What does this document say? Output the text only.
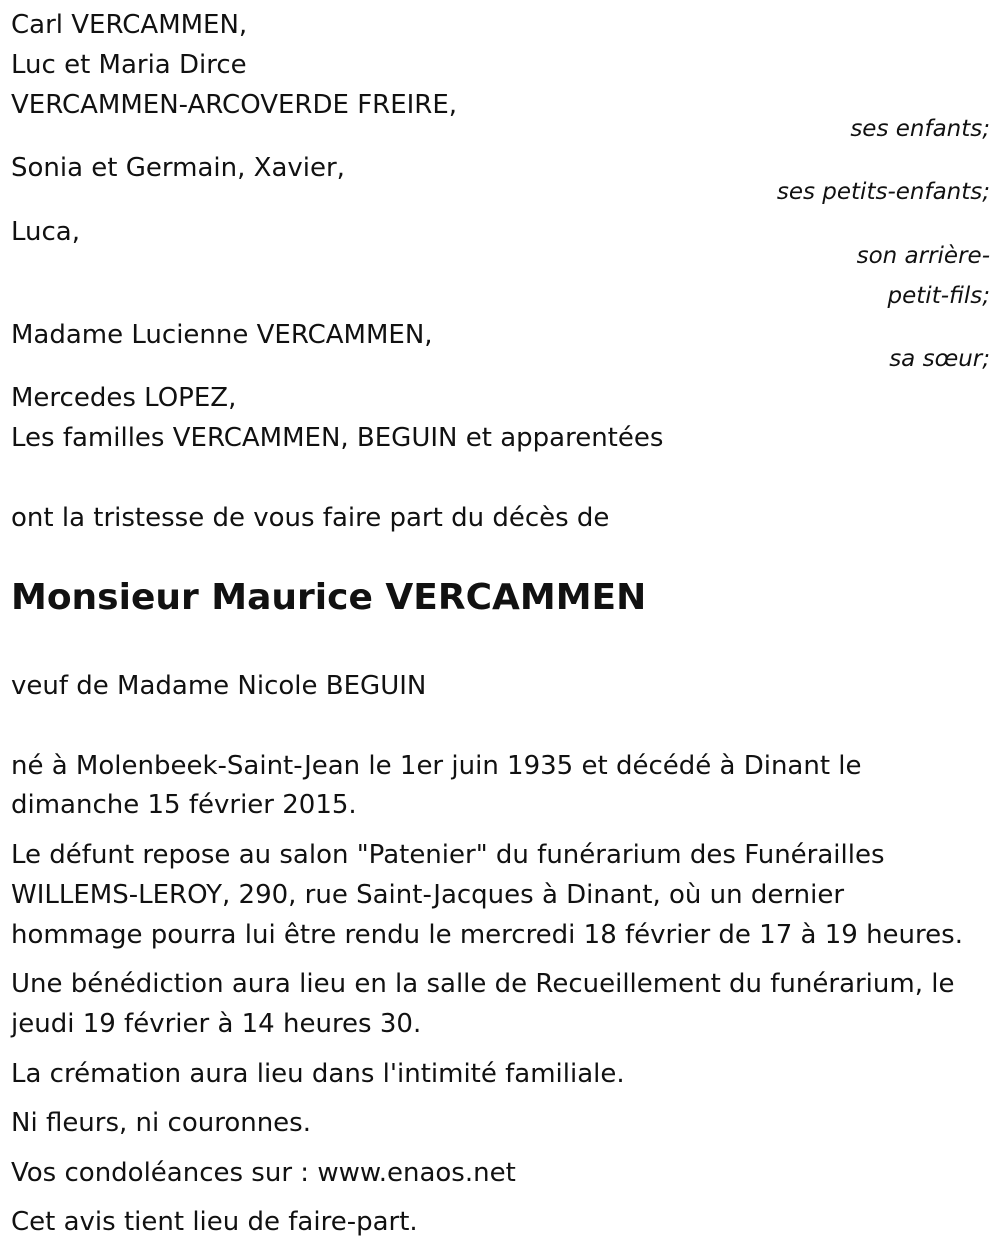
Carl VERCAMMEN,
Luc et Maria Dirce
VERCAMMEN-ARCOVERDE FREIRE,
ses enfants;
Sonia et Germain, Xavier,
ses petits-enfants;
Luca,
son arrière-
petit-fils;
Madame Lucienne VERCAMMEN,
sa sœur;
Mercedes LOPEZ,
Les familles VERCAMMEN, BEGUIN et apparentées
ont la tristesse de vous faire part du décès de
Monsieur Maurice VERCAMMEN
veuf de Madame Nicole BEGUIN
né à Molenbeek-Saint-Jean le 1er juin 1935 et décédé à Dinant le
dimanche 15 février 2015.
Le défunt repose au salon "Patenier" du funérarium des Funérailles
WILLEMS-LEROY, 290, rue Saint-Jacques à Dinant, où un dernier
hommage pourra lui être rendu le mercredi 18 février de 17 à 19 heures.
Une bénédiction aura lieu en la salle de Recueillement du funérarium, le
jeudi 19 février à 14 heures 30.
La crémation aura lieu dans l'intimité familiale.
Ni fleurs, ni couronnes.
Vos condoléances sur : www.enaos.net
Cet avis tient lieu de faire-part.
